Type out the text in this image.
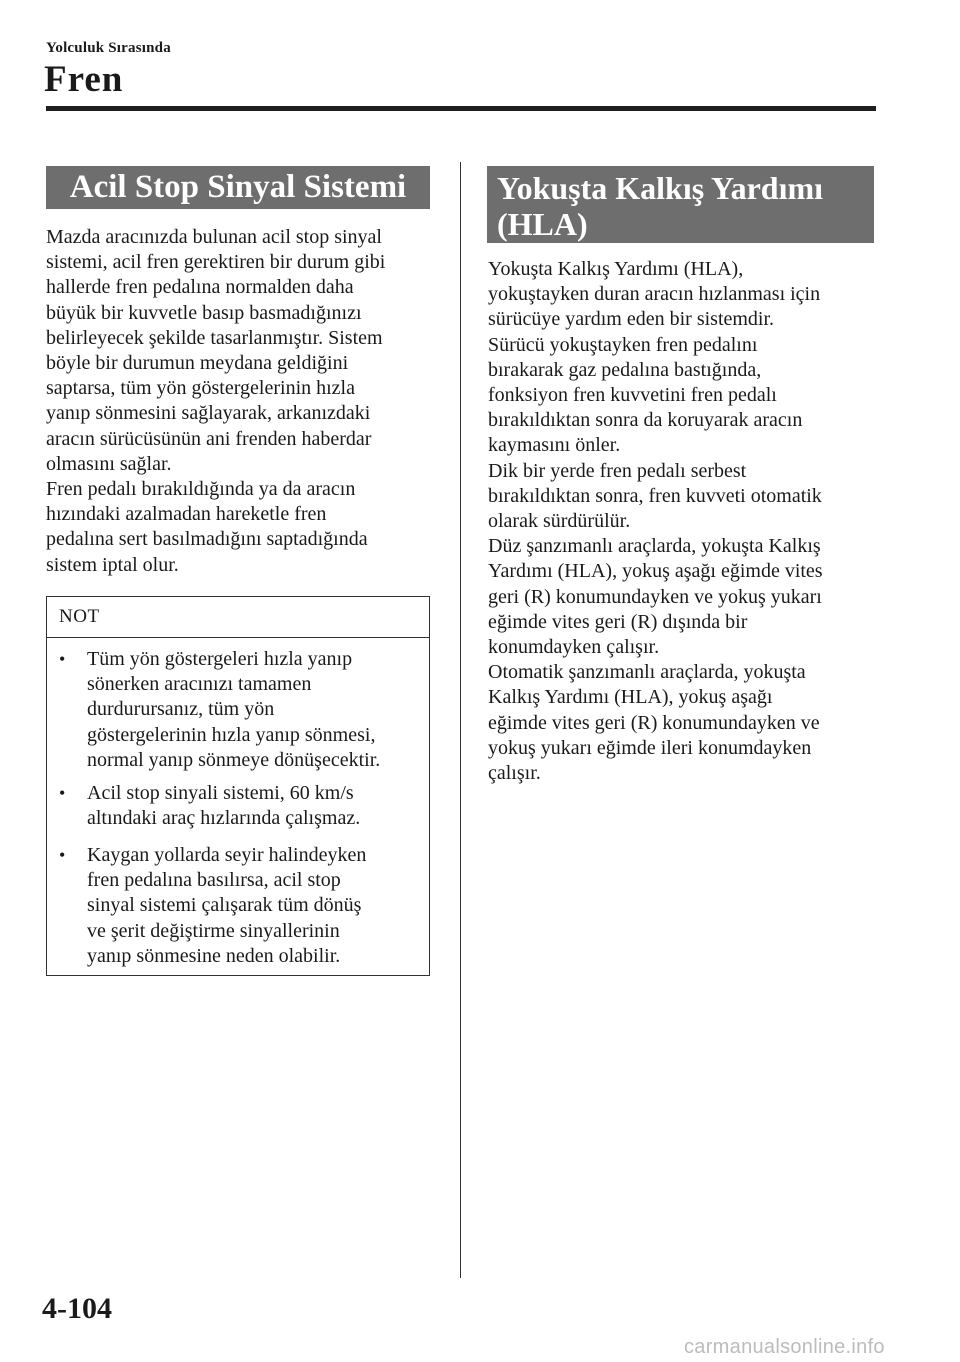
Yolculuk Sırasında
Fren
Acil Stop Sinyal Sistemi

Mazda aracınızda bulunan acil stop sinyal
sistemi, acil fren gerektiren bir durum gibi
hallerde fren pedalına normalden daha
büyük bir kuvvetle basıp basmadığınızı
belirleyecek şekilde tasarlanmıştır. Sistem
böyle bir durumun meydana geldiğini
saptarsa, tüm yön göstergelerinin hızla
yanıp sönmesini sağlayarak, arkanızdaki
aracın sürücüsünün ani frenden haberdar
olmasını sağlar.
Fren pedalı bırakıldığında ya da aracın
hızındaki azalmadan hareketle fren
pedalına sert basılmadığını saptadığında
sistem iptal olur.

NOT
• Tüm yön göstergeleri hızla yanıp
sönerken aracınızı tamamen
durdurursanız, tüm yön
göstergelerinin hızla yanıp sönmesi,
normal yanıp sönmeye dönüşecektir.
• Acil stop sinyali sistemi, 60 km/s
altındaki araç hızlarında çalışmaz.
• Kaygan yollarda seyir halindeyken
fren pedalına basılırsa, acil stop
sinyal sistemi çalışarak tüm dönüş
ve şerit değiştirme sinyallerinin
yanıp sönmesine neden olabilir.
Yokuşta Kalkış Yardımı
(HLA)

Yokuşta Kalkış Yardımı (HLA),
yokuştayken duran aracın hızlanması için
sürücüye yardım eden bir sistemdir.
Sürücü yokuştayken fren pedalını
bırakarak gaz pedalına bastığında,
fonksiyon fren kuvvetini fren pedalı
bırakıldıktan sonra da koruyarak aracın
kaymasını önler.
Dik bir yerde fren pedalı serbest
bırakıldıktan sonra, fren kuvveti otomatik
olarak sürdürülür.
Düz şanzımanlı araçlarda, yokuşta Kalkış
Yardımı (HLA), yokuş aşağı eğimde vites
geri (R) konumundayken ve yokuş yukarı
eğimde vites geri (R) dışında bir
konumdayken çalışır.
Otomatik şanzımanlı araçlarda, yokuşta
Kalkış Yardımı (HLA), yokuş aşağı
eğimde vites geri (R) konumundayken ve
yokuş yukarı eğimde ileri konumdayken
çalışır.

4-104
carmanualsonline.info
